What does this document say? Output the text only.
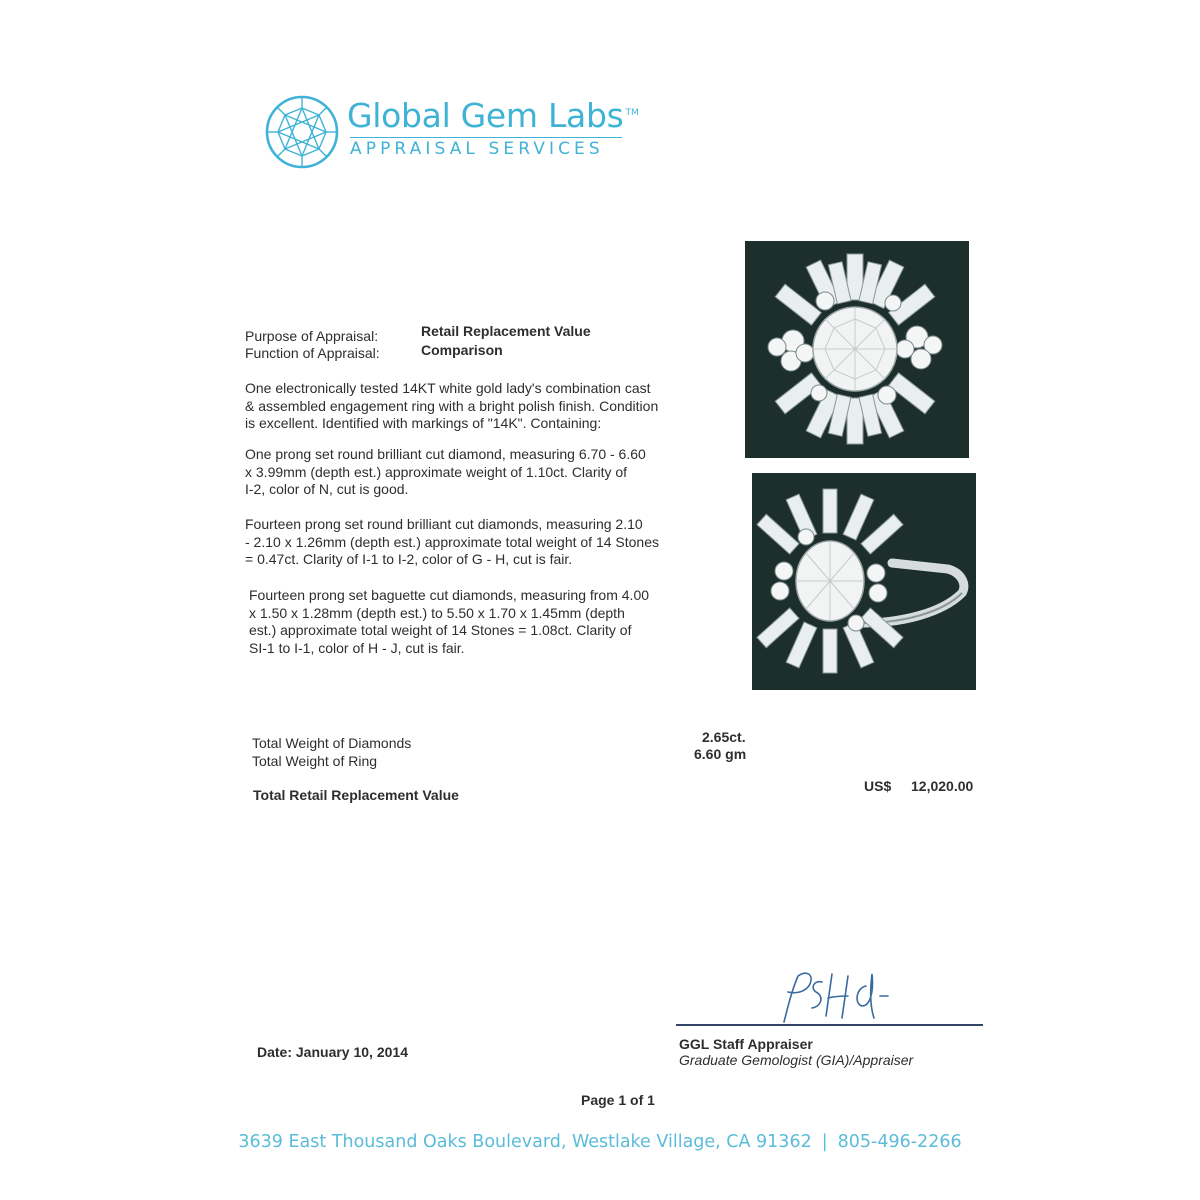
Global Gem Labs ™
APPRAISAL SERVICES
Purpose of Appraisal:	Retail Replacement Value
Function of Appraisal:	Comparison
One electronically tested 14KT white gold lady's combination cast
& assembled engagement ring with a bright polish finish. Condition
is excellent. Identified with markings of "14K". Containing:
One prong set round brilliant cut diamond, measuring 6.70 - 6.60
x 3.99mm (depth est.) approximate weight of 1.10ct. Clarity of
I-2, color of N, cut is good.
Fourteen prong set round brilliant cut diamonds, measuring 2.10
- 2.10 x 1.26mm (depth est.) approximate total weight of 14 Stones
= 0.47ct. Clarity of I-1 to I-2, color of G - H, cut is fair.
Fourteen prong set baguette cut diamonds, measuring from 4.00
x 1.50 x 1.28mm (depth est.) to 5.50 x 1.70 x 1.45mm (depth
est.) approximate total weight of 14 Stones = 1.08ct. Clarity of
SI-1 to I-1, color of H - J, cut is fair.
Total Weight of Diamonds	2.65ct.
Total Weight of Ring	6.60 gm
Total Retail Replacement Value
US$ 12,020.00
Date: January 10, 2014	GGL Staff Appraiser
Graduate Gemologist (GIA)/Appraiser
Page 1 of 1
3639 East Thousand Oaks Boulevard, Westlake Village, CA 91362 | 805-496-2266
